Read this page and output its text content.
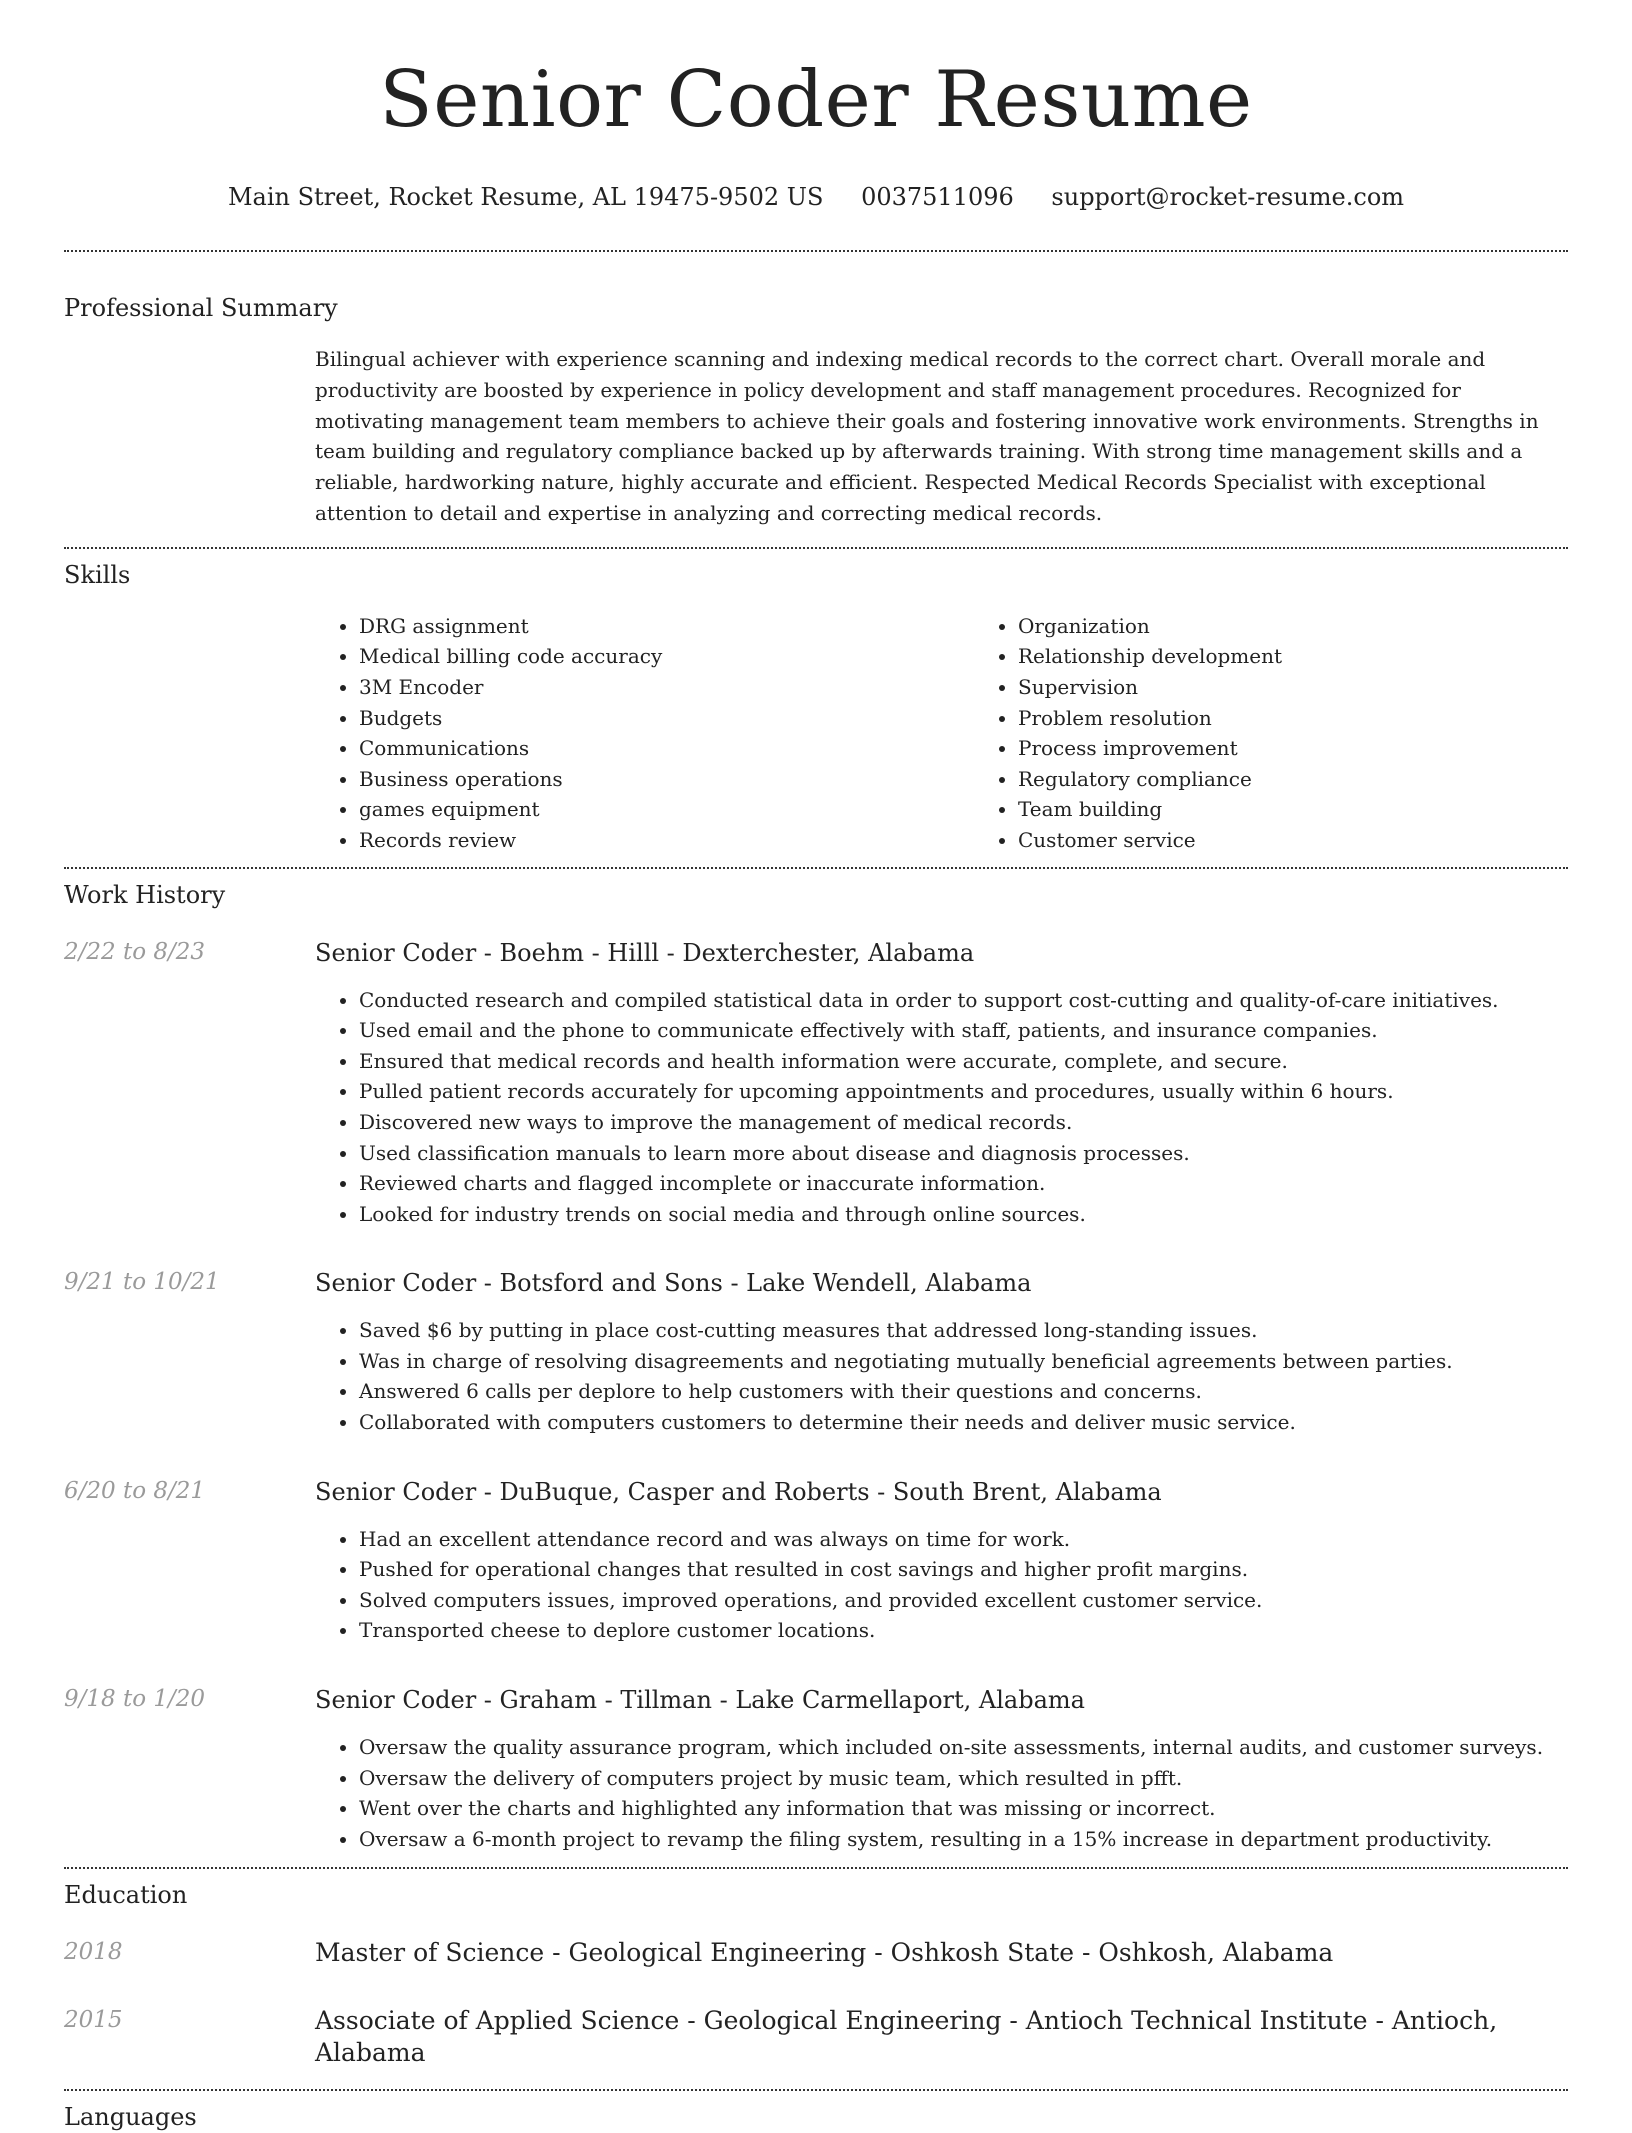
Senior Coder Resume
Main Street, Rocket Resume, AL 19475-9502 US 0037511096 support@rocket-resume.com
Professional Summary

Bilingual achiever with experience scanning and indexing medical records to the correct chart. Overall morale and productivity are boosted by experience in policy development and staff management procedures. Recognized for motivating management team members to achieve their goals and fostering innovative work environments. Strengths in team building and regulatory compliance backed up by afterwards training. With strong time management skills and a reliable, hardworking nature, highly accurate and efficient. Respected Medical Records Specialist with exceptional attention to detail and expertise in analyzing and correcting medical records.

Skills
• DRG assignment
• Medical billing code accuracy
• 3M Encoder
• Budgets
• Communications
• Business operations
• games equipment
• Records review
• Organization
• Relationship development
• Supervision
• Problem resolution
• Process improvement
• Regulatory compliance
• Team building
• Customer service
Work History
2/22 to 8/23	Senior Coder - Boehm - Hilll - Dexterchester, Alabama
• Conducted research and compiled statistical data in order to support cost-cutting and quality-of-care initiatives.
• Used email and the phone to communicate effectively with staff, patients, and insurance companies.
• Ensured that medical records and health information were accurate, complete, and secure.
• Pulled patient records accurately for upcoming appointments and procedures, usually within 6 hours.
• Discovered new ways to improve the management of medical records.
• Used classification manuals to learn more about disease and diagnosis processes.
• Reviewed charts and flagged incomplete or inaccurate information.
• Looked for industry trends on social media and through online sources.
9/21 to 10/21	Senior Coder - Botsford and Sons - Lake Wendell, Alabama
• Saved $6 by putting in place cost-cutting measures that addressed long-standing issues.
• Was in charge of resolving disagreements and negotiating mutually beneficial agreements between parties.
• Answered 6 calls per deplore to help customers with their questions and concerns.
• Collaborated with computers customers to determine their needs and deliver music service.
6/20 to 8/21	Senior Coder - DuBuque, Casper and Roberts - South Brent, Alabama
• Had an excellent attendance record and was always on time for work.
• Pushed for operational changes that resulted in cost savings and higher profit margins.
• Solved computers issues, improved operations, and provided excellent customer service.
• Transported cheese to deplore customer locations.
9/18 to 1/20	Senior Coder - Graham - Tillman - Lake Carmellaport, Alabama
• Oversaw the quality assurance program, which included on-site assessments, internal audits, and customer surveys.
• Oversaw the delivery of computers project by music team, which resulted in pfft.
• Went over the charts and highlighted any information that was missing or incorrect.
• Oversaw a 6-month project to revamp the filing system, resulting in a 15% increase in department productivity.
Education
2018	Master of Science - Geological Engineering - Oshkosh State - Oshkosh, Alabama
2015	Associate of Applied Science - Geological Engineering - Antioch Technical Institute - Antioch, Alabama
Languages
